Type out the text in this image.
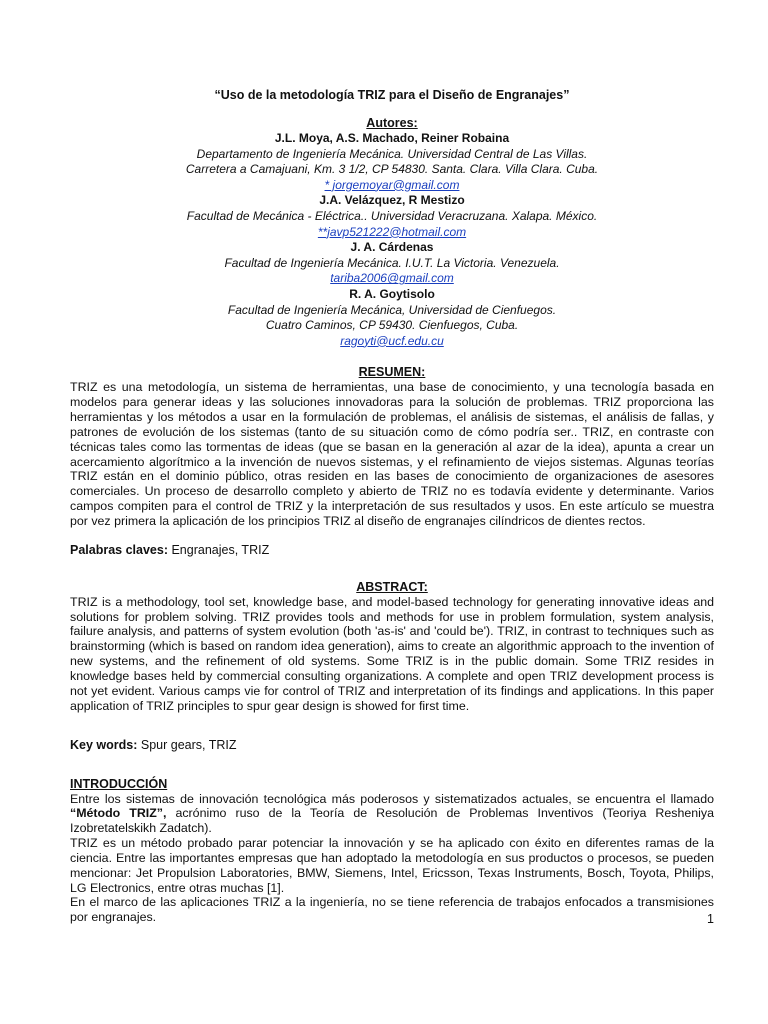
“Uso de la metodología TRIZ para el Diseño de Engranajes”
Autores:
J.L. Moya, A.S. Machado, Reiner Robaina
Departamento de Ingeniería Mecánica. Universidad Central de Las Villas.
Carretera a Camajuani, Km. 3 1/2, CP 54830. Santa. Clara. Villa Clara. Cuba.
* jorgemoyar@gmail.com
J.A. Velázquez, R Mestizo
Facultad de Mecánica - Eléctrica.. Universidad Veracruzana. Xalapa. México.
**javp521222@hotmail.com
J. A. Cárdenas
Facultad de Ingeniería Mecánica. I.U.T. La Victoria. Venezuela.
tariba2006@gmail.com
R. A. Goytisolo
Facultad de Ingeniería Mecánica, Universidad de Cienfuegos.
Cuatro Caminos, CP 59430. Cienfuegos, Cuba.
ragoyti@ucf.edu.cu
RESUMEN:

TRIZ es una metodología, un sistema de herramientas, una base de conocimiento, y una tecnología basada en modelos para generar ideas y las soluciones innovadoras para la solución de problemas. TRIZ proporciona las herramientas y los métodos a usar en la formulación de problemas, el análisis de sistemas, el análisis de fallas, y patrones de evolución de los sistemas (tanto de su situación como de cómo podría ser.. TRIZ, en contraste con técnicas tales como las tormentas de ideas (que se basan en la generación al azar de la idea), apunta a crear un acercamiento algorítmico a la invención de nuevos sistemas, y el refinamiento de viejos sistemas. Algunas teorías TRIZ están en el dominio público, otras residen en las bases de conocimiento de organizaciones de asesores comerciales. Un proceso de desarrollo completo y abierto de TRIZ no es todavía evidente y determinante. Varios campos compiten para el control de TRIZ y la interpretación de sus resultados y usos. En este artículo se muestra por vez primera la aplicación de los principios TRIZ al diseño de engranajes cilíndricos de dientes rectos.

Palabras claves: Engranajes, TRIZ

ABSTRACT:

TRIZ is a methodology, tool set, knowledge base, and model-based technology for generating innovative ideas and solutions for problem solving. TRIZ provides tools and methods for use in problem formulation, system analysis, failure analysis, and patterns of system evolution (both 'as-is' and 'could be'). TRIZ, in contrast to techniques such as brainstorming (which is based on random idea generation), aims to create an algorithmic approach to the invention of new systems, and the refinement of old systems. Some TRIZ is in the public domain. Some TRIZ resides in knowledge bases held by commercial consulting organizations. A complete and open TRIZ development process is not yet evident. Various camps vie for control of TRIZ and interpretation of its findings and applications. In this paper application of TRIZ principles to spur gear design is showed for first time.

Key words: Spur gears, TRIZ

INTRODUCCIÓN

Entre los sistemas de innovación tecnológica más poderosos y sistematizados actuales, se encuentra el llamado “Método TRIZ”, acrónimo ruso de la Teoría de Resolución de Problemas Inventivos (Teoriya Resheniya Izobretatelskikh Zadatch).

TRIZ es un método probado parar potenciar la innovación y se ha aplicado con éxito en diferentes ramas de la ciencia. Entre las importantes empresas que han adoptado la metodología en sus productos o procesos, se pueden mencionar: Jet Propulsion Laboratories, BMW, Siemens, Intel, Ericsson, Texas Instruments, Bosch, Toyota, Philips, LG Electronics, entre otras muchas [1].

En el marco de las aplicaciones TRIZ a la ingeniería, no se tiene referencia de trabajos enfocados a transmisiones por engranajes.	1
